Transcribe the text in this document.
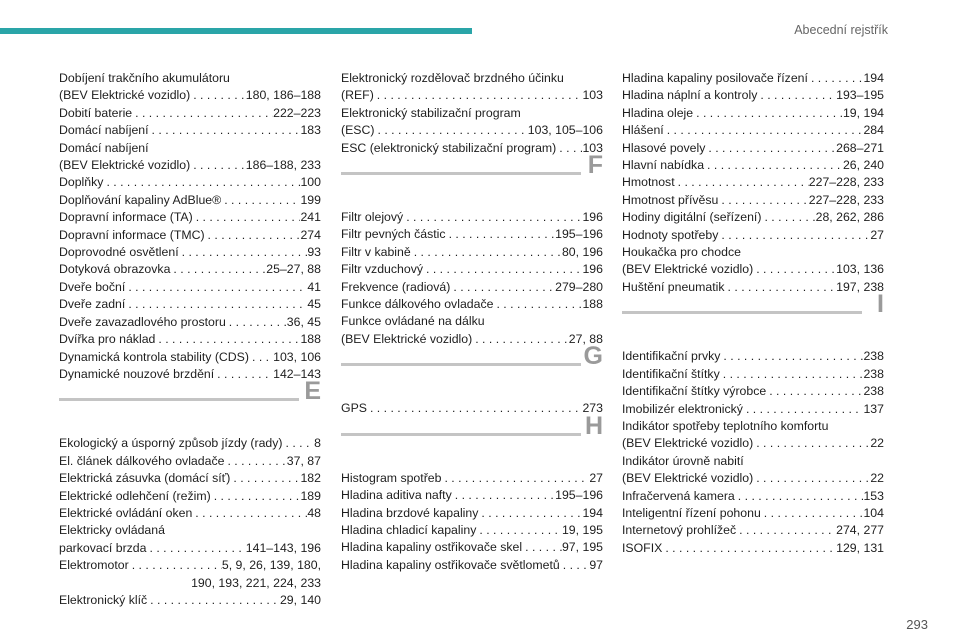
Abecední rejstřík
Dobíjení trakčního akumulátoru
(BEV Elektrické vozidlo) . . .	180, 186–188
Dobití baterie . . .	222–223
Domácí nabíjení . . .	183
Domácí nabíjení
(BEV Elektrické vozidlo) . . .	186–188, 233
Doplňky . . .	100
Doplňování kapaliny AdBlue® . . .	199
Dopravní informace (TA) . . .	241
Dopravní informace (TMC) . . .	274
Doprovodné osvětlení . . .	93
Dotyková obrazovka . . .	25–27, 88
Dveře boční . . .	41
Dveře zadní . . .	45
Dveře zavazadlového prostoru . . .	36, 45
Dvířka pro náklad . . .	188
Dynamická kontrola stability (CDS) . . . 103, 106
Dynamické nouzové brzdění . . .	142–143
E
Ekologický a úsporný způsob jízdy (rady) . . .	8
El. článek dálkového ovladače . . .	37, 87
Elektrická zásuvka (domácí síť) . . .	182
Elektrické odlehčení (režim) . . .	189
Elektrické ovládání oken . . .	48
Elektricky ovládaná
parkovací brzda . . .	141–143, 196
Elektromotor . . .	5, 9, 26, 139, 180,
190, 193, 221, 224, 233
Elektronický klíč . . .	29, 140
Elektronický rozdělovač brzdného účinku
(REF) . . .	103
Elektronický stabilizační program
(ESC) . . .	103, 105–106
ESC (elektronický stabilizační program) . . . 103
F
Filtr olejový . . .	196
Filtr pevných částic . . .	195–196
Filtr v kabině . . .	80, 196
Filtr vzduchový . . .	196
Frekvence (radiová) . . .	279–280
Funkce dálkového ovladače . . .	188
Funkce ovládané na dálku
(BEV Elektrické vozidlo) . . .	27, 88
G
GPS . . .	273
H
Histogram spotřeb . . .	27
Hladina aditiva nafty . . .	195–196
Hladina brzdové kapaliny . . .	194
Hladina chladicí kapaliny . . .	19, 195
Hladina kapaliny ostřikovače skel . . .	97, 195
Hladina kapaliny ostřikovače světlometů . . . 97
Hladina kapaliny posilovače řízení . . .	194
Hladina náplní a kontroly . . .	193–195
Hladina oleje . . .	19, 194
Hlášení . . .	284
Hlasové povely . . .	268–271
Hlavní nabídka . . .	26, 240
Hmotnost . . .	227–228, 233
Hmotnost přívěsu . . .	227–228, 233
Hodiny digitální (seřízení) . . .	28, 262, 286
Hodnoty spotřeby . . .	27
Houkačka pro chodce
(BEV Elektrické vozidlo) . . .	103, 136
Huštění pneumatik . . .	197, 238
I
Identifikační prvky . . .	238
Identifikační štítky . . .	238
Identifikační štítky výrobce . . .	238
Imobilizér elektronický . . .	137
Indikátor spotřeby teplotního komfortu
(BEV Elektrické vozidlo) . . .	22
Indikátor úrovně nabití
(BEV Elektrické vozidlo) . . .	22
Infračervená kamera . . .	153
Inteligentní řízení pohonu . . .	104
Internetový prohlížeč . . .	274, 277
ISOFIX . . .	129, 131
293
